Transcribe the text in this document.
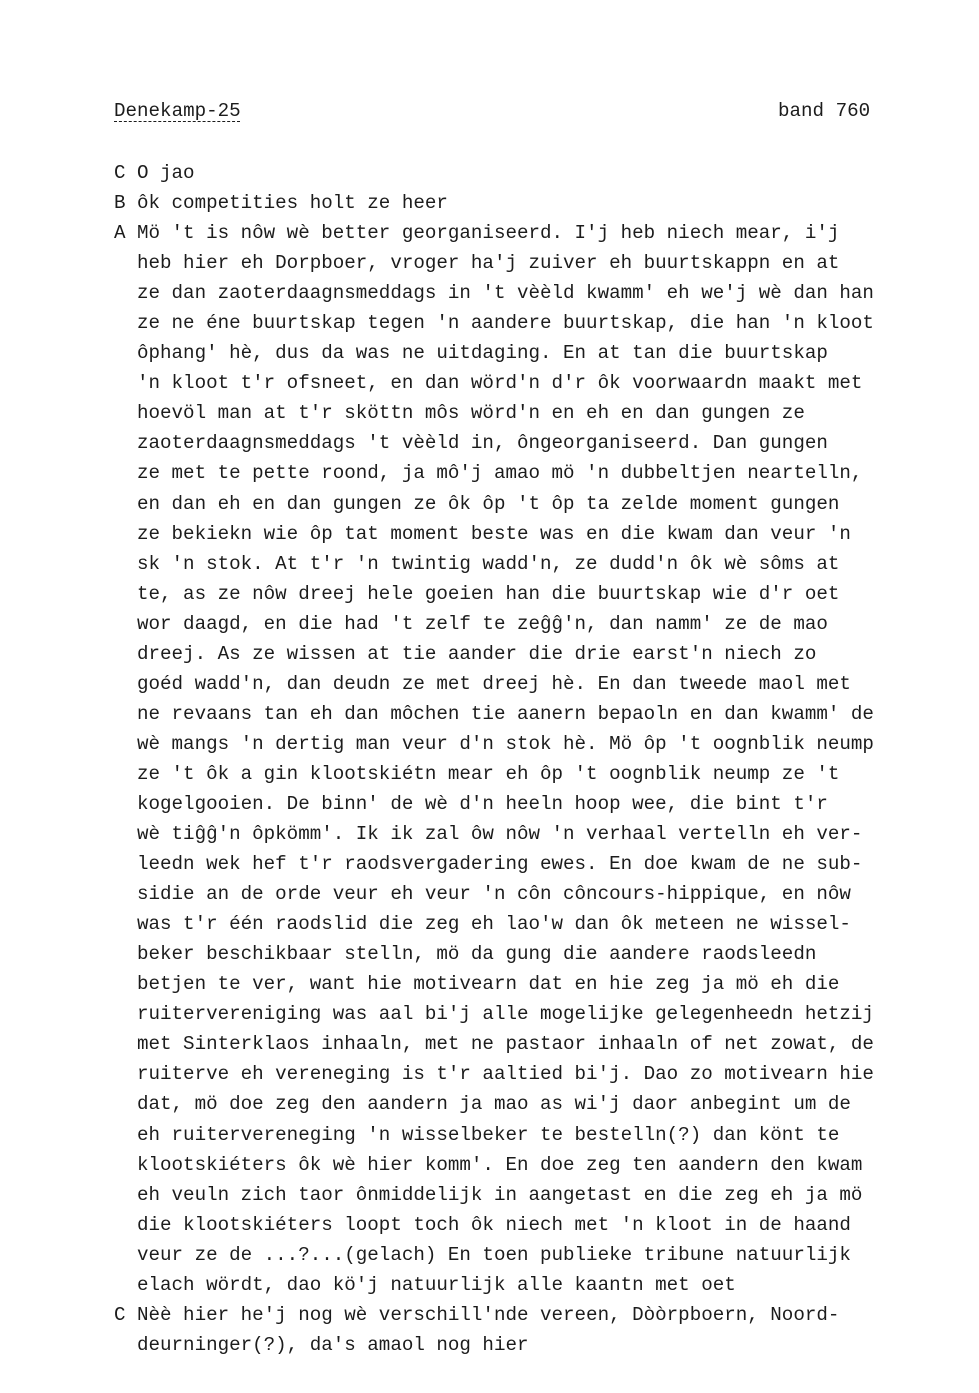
Denekamp-25

	band 760

C O jao
B ôk competities holt ze heer
A Mö 't is nôw wè better georganiseerd. I'j heb niech mear, i'j
heb hier eh Dorpboer, vroger ha'j zuiver eh buurtskappn en at
ze dan zaoterdaagnsmeddags in 't vèèld kwamm' eh we'j wè dan han
ze ne éne buurtskap tegen 'n aandere buurtskap, die han 'n kloot
ôphang' hè, dus da was ne uitdaging. En at tan die buurtskap
'n kloot t'r ofsneet, en dan wörd'n d'r ôk voorwaardn maakt met
hoevöl man at t'r sköttn môs wörd'n en eh en dan gungen ze
zaoterdaagnsmeddags 't vèèld in, ôngeorganiseerd. Dan gungen
ze met te pette roond, ja mô'j amao mö 'n dubbeltjen neartelln,
en dan eh en dan gungen ze ôk ôp 't ôp ta zelde moment gungen
ze bekiekn wie ôp tat moment beste was en die kwam dan veur 'n
sk 'n stok. At t'r 'n twintig wadd'n, ze dudd'n ôk wè sôms at
te, as ze nôw dreej hele goeien han die buurtskap wie d'r oet
wor daagd, en die had 't zelf te zeĝĝ'n, dan namm' ze de mao
dreej. As ze wissen at tie aander die drie earst'n niech zo
goéd wadd'n, dan deudn ze met dreej hè. En dan tweede maol met
ne revaans tan eh dan môchen tie aanern bepaoln en dan kwamm' de
wè mangs 'n dertig man veur d'n stok hè. Mö ôp 't oognblik neump
ze 't ôk a gin klootskiétn mear eh ôp 't oognblik neump ze 't
kogelgooien. De binn' de wè d'n heeln hoop wee, die bint t'r
wè tiĝĝ'n ôpkömm'. Ik ik zal ôw nôw 'n verhaal vertelln eh ver-
leedn wek hef t'r raodsvergadering ewes. En doe kwam de ne sub-
sidie an de orde veur eh veur 'n côn côncours-hippique, en nôw
was t'r één raodslid die zeg eh lao'w dan ôk meteen ne wissel-
beker beschikbaar stelln, mö da gung die aandere raodsleedn
betjen te ver, want hie motivearn dat en hie zeg ja mö eh die
ruitervereniging was aal bi'j alle mogelijke gelegenheedn hetzij
met Sinterklaos inhaaln, met ne pastaor inhaaln of net zowat, de
ruiterve eh vereneging is t'r aaltied bi'j. Dao zo motivearn hie
dat, mö doe zeg den aandern ja mao as wi'j daor anbegint um de
eh ruitervereneging 'n wisselbeker te bestelln(?) dan könt te
klootskiéters ôk wè hier komm'. En doe zeg ten aandern den kwam
eh veuln zich taor ônmiddelijk in aangetast en die zeg eh ja mö
die klootskiéters loopt toch ôk niech met 'n kloot in de haand
veur ze de ...?...(gelach) En toen publieke tribune natuurlijk
elach wördt, dao kö'j natuurlijk alle kaantn met oet
C Nèè hier he'j nog wè verschill'nde vereen, Dòòrpboern, Noord-
deurninger(?), da's amaol nog hier
